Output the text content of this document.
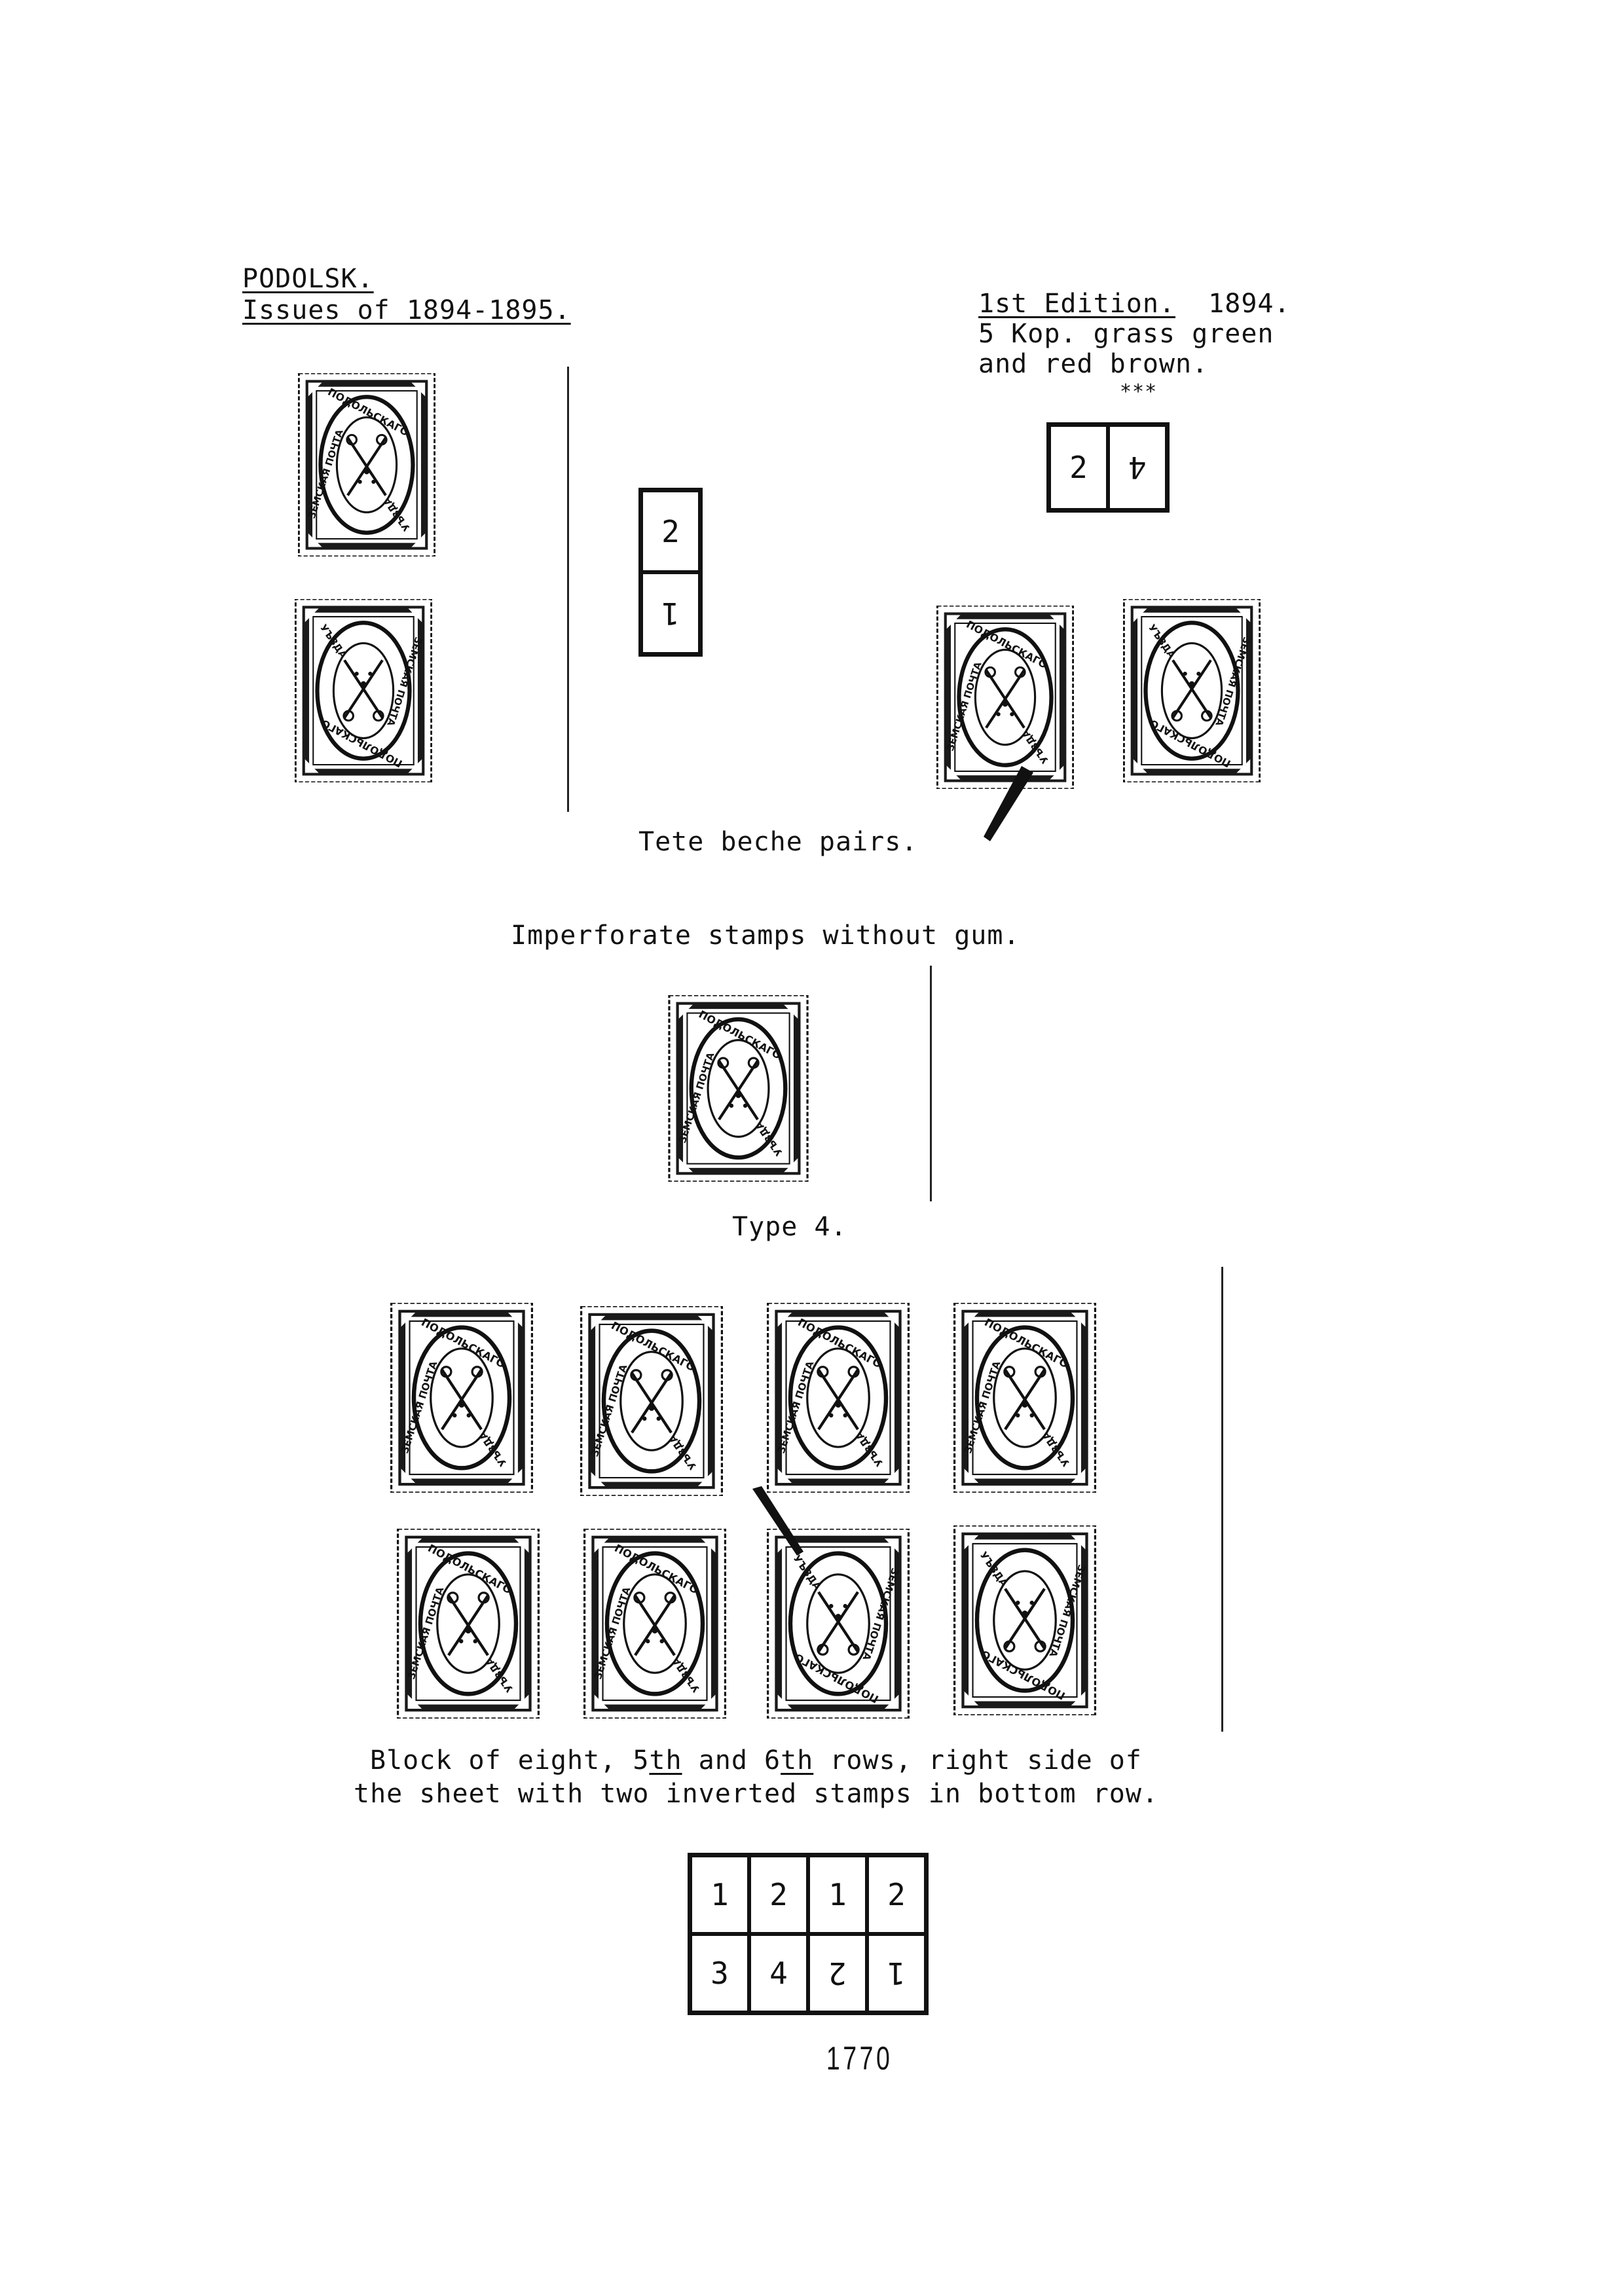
PODOLSK.
Issues of 1894-1895.	1st Edition. 1894.
5 Kop. grass green
and red brown.
***
2 4
2
1
Tete beche pairs.
Imperforate stamps without gum.
Type 4.
Block of eight, 5th and 6th rows, right side of
the sheet with two inverted stamps in bottom row.
1 2 1 2
3 4 2 1
1770
